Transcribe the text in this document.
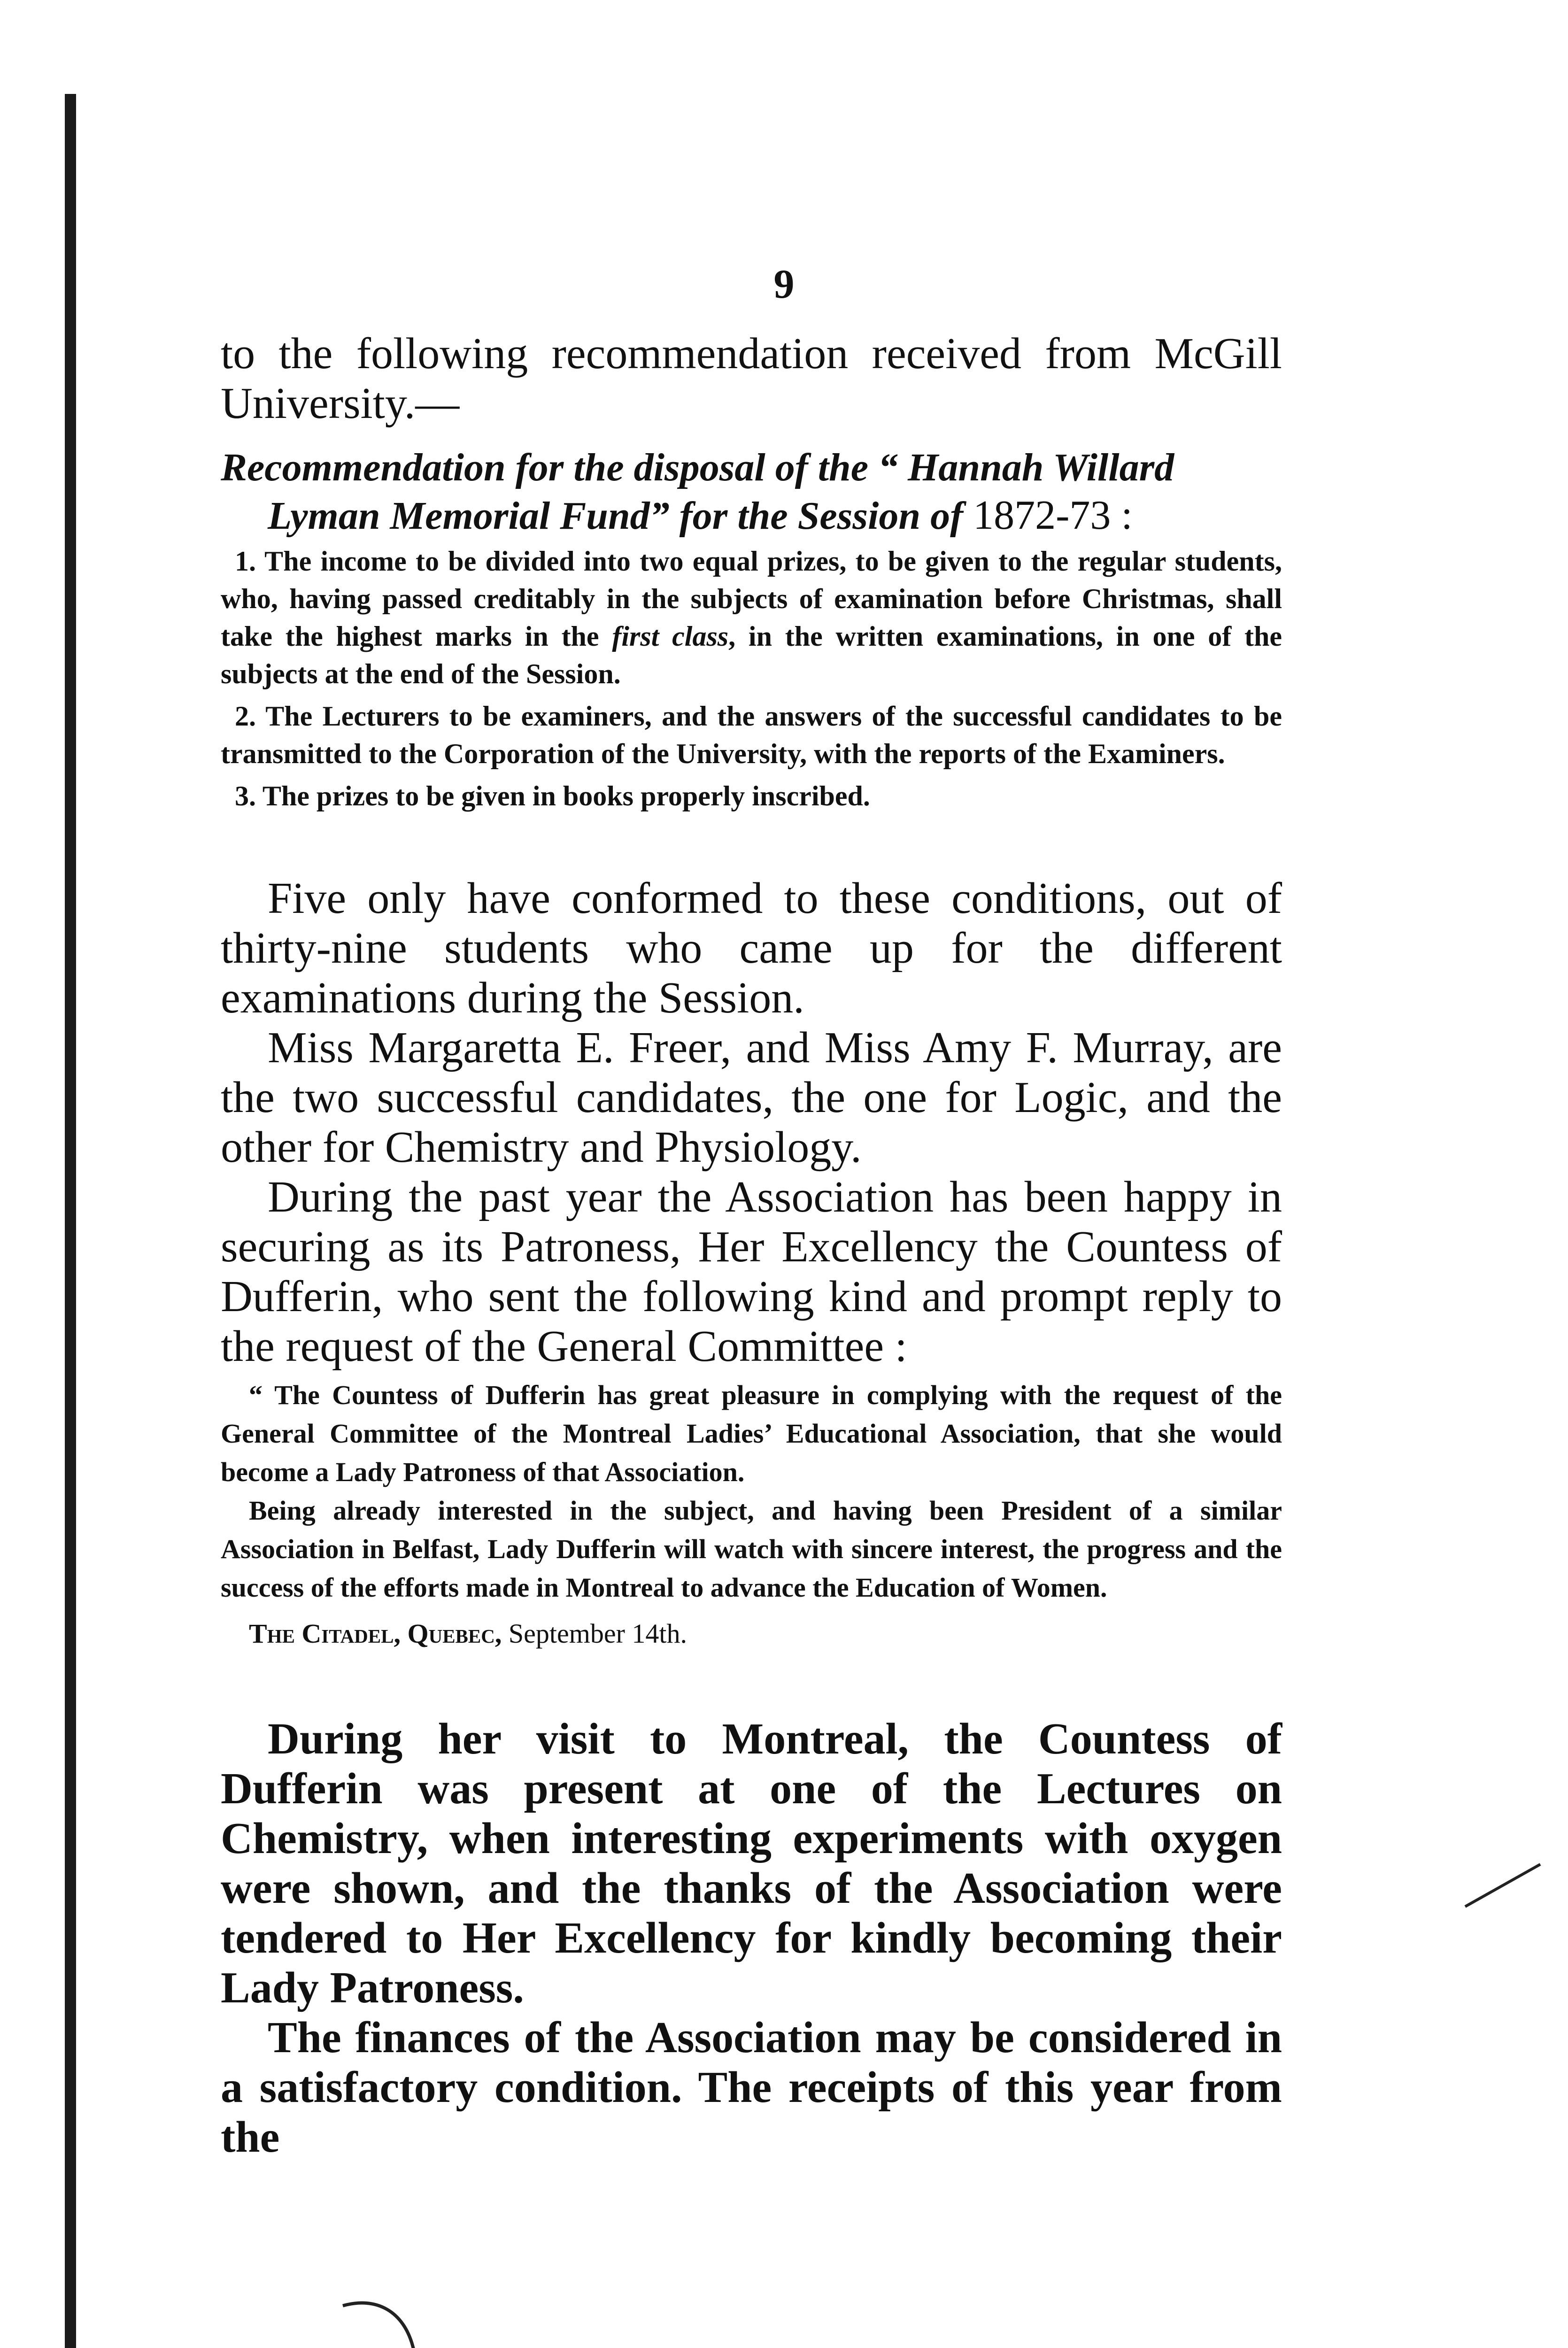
9

to the following recommendation received from McGill University.—

Recommendation for the disposal of the “ Hannah Willard Lyman Memorial Fund” for the Session of 1872-73 :

1. The income to be divided into two equal prizes, to be given to the regular students, who, having passed creditably in the subjects of examination before Christmas, shall take the highest marks in the first class, in the written examinations, in one of the subjects at the end of the Session.

2. The Lecturers to be examiners, and the answers of the successful candidates to be transmitted to the Corporation of the University, with the reports of the Examiners.

3. The prizes to be given in books properly inscribed.

Five only have conformed to these conditions, out of thirty-nine students who came up for the different examinations during the Session.

Miss Margaretta E. Freer, and Miss Amy F. Murray, are the two successful candidates, the one for Logic, and the other for Chemistry and Physiology.

During the past year the Association has been happy in securing as its Patroness, Her Excellency the Countess of Dufferin, who sent the following kind and prompt reply to the request of the General Committee :

“ The Countess of Dufferin has great pleasure in complying with the request of the General Committee of the Montreal Ladies’ Educational Association, that she would become a Lady Patroness of that Association.

Being already interested in the subject, and having been President of a similar Association in Belfast, Lady Dufferin will watch with sincere interest, the progress and the success of the efforts made in Montreal to advance the Education of Women.

The Citadel, Quebec, September 14th.

During her visit to Montreal, the Countess of Dufferin was present at one of the Lectures on Chemistry, when interesting experiments with oxygen were shown, and the thanks of the Association were tendered to Her Excellency for kindly becoming their Lady Patroness.

The finances of the Association may be considered in a satisfactory condition. The receipts of this year from the
